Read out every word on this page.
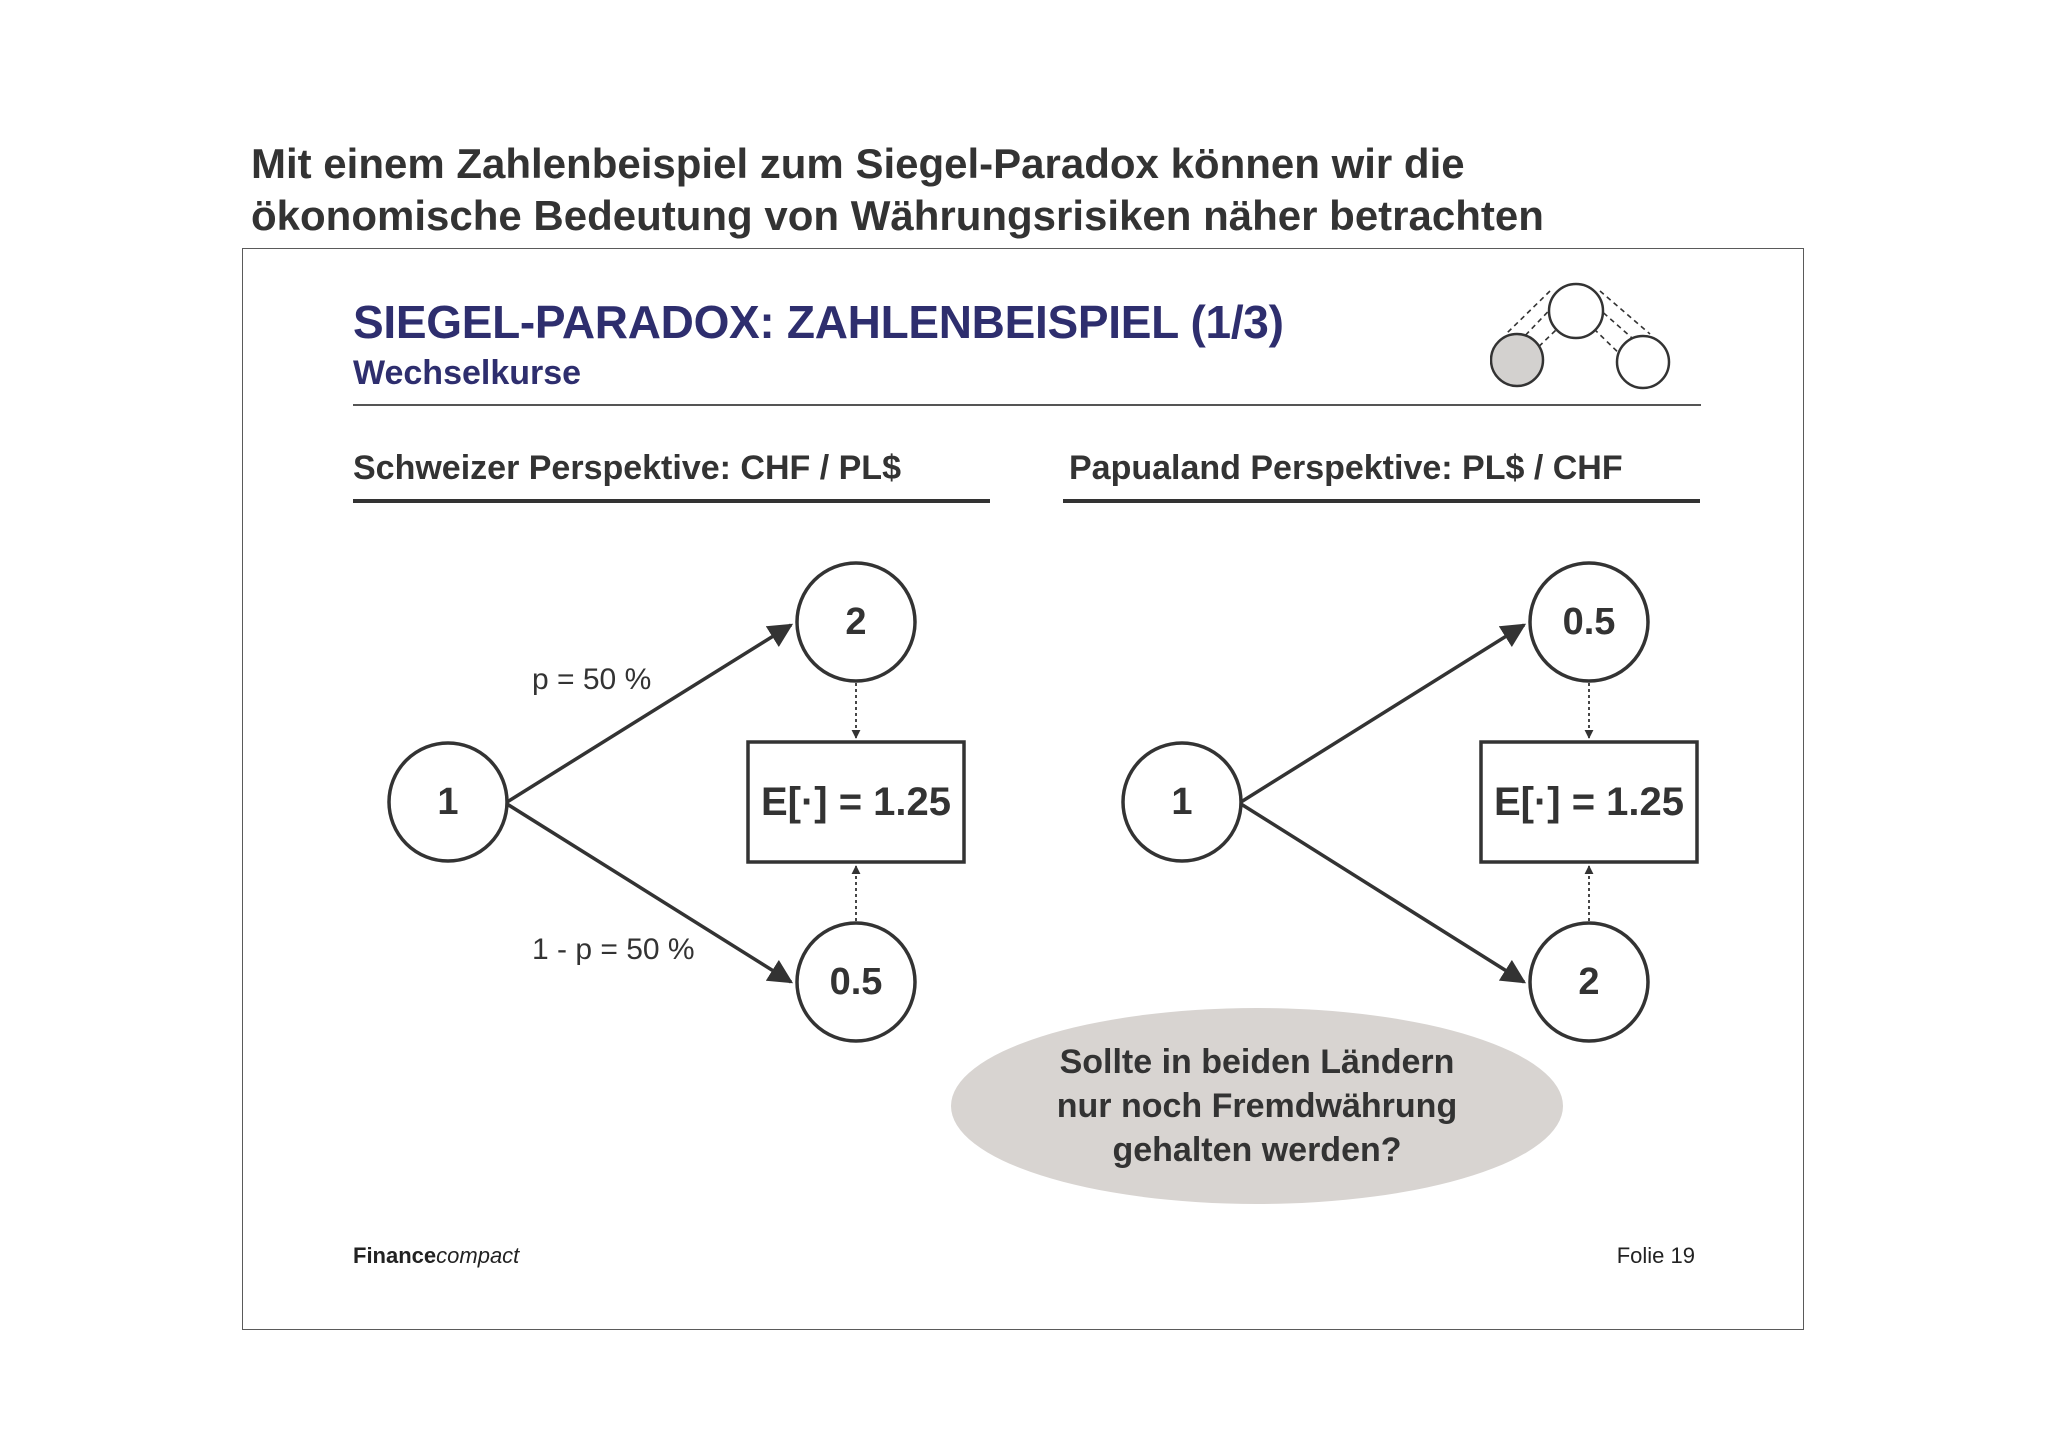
Mit einem Zahlenbeispiel zum Siegel-Paradox können wir die
ökonomische Bedeutung von Währungsrisiken näher betrachten
SIEGEL-PARADOX: ZAHLENBEISPIEL (1/3)
Wechselkurse
Schweizer Perspektive: CHF / PL$	Papualand Perspektive: PL$ / CHF
1
2
0.5
E[·] = 1.25
p = 50 %
1 - p = 50 %
1
0.5
2
E[·] = 1.25
Sollte in beiden Ländern
nur noch Fremdwährung
gehalten werden?
Financecompact	Folie 19
